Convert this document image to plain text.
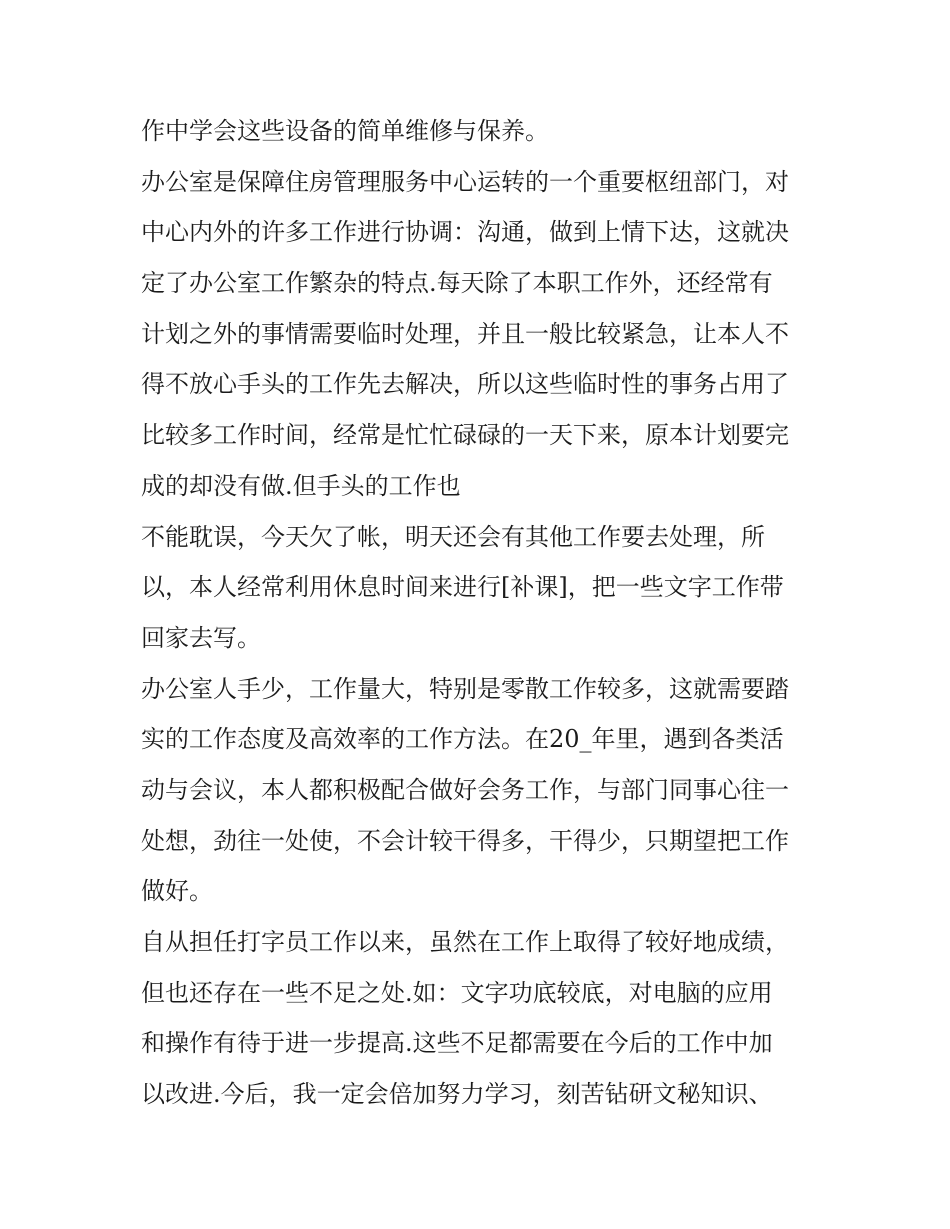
作中学会这些设备的简单维修与保养。
办公室是保障住房管理服务中心运转的一个重要枢纽部门，对
中心内外的许多工作进行协调：沟通，做到上情下达，这就决
定了办公室工作繁杂的特点.每天除了本职工作外，还经常有
计划之外的事情需要临时处理，并且一般比较紧急，让本人不
得不放心手头的工作先去解决，所以这些临时性的事务占用了
比较多工作时间，经常是忙忙碌碌的一天下来，原本计划要完
成的却没有做.但手头的工作也
不能耽误，今天欠了帐，明天还会有其他工作要去处理，所
以，本人经常利用休息时间来进行[补课]，把一些文字工作带
回家去写。
办公室人手少，工作量大，特别是零散工作较多，这就需要踏
实的工作态度及高效率的工作方法。在20_年里，遇到各类活
动与会议，本人都积极配合做好会务工作，与部门同事心往一
处想，劲往一处使，不会计较干得多，干得少，只期望把工作
做好。
自从担任打字员工作以来，虽然在工作上取得了较好地成绩，
但也还存在一些不足之处.如：文字功底较底，对电脑的应用
和操作有待于进一步提高.这些不足都需要在今后的工作中加
以改进.今后，我一定会倍加努力学习，刻苦钻研文秘知识、
